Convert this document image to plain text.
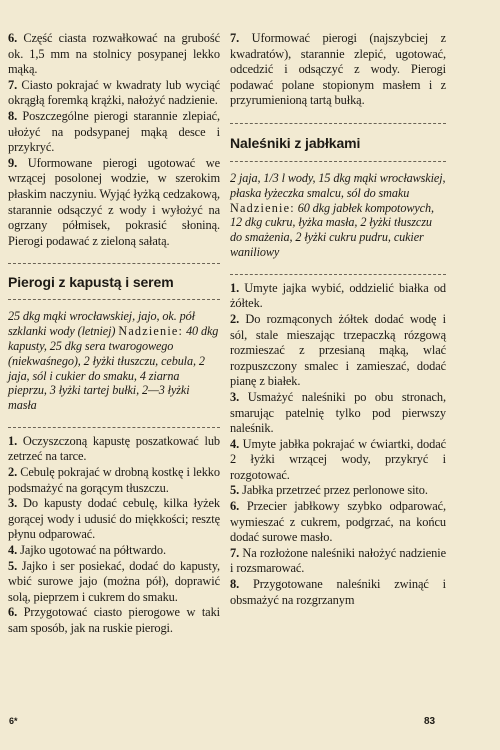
6. Część ciasta rozwałkować na grubość ok. 1,5 mm na stolnicy posypanej lekko mąką.

7. Ciasto pokrajać w kwadraty lub wyciąć okrągłą foremką krążki, nałożyć nadzienie.

8. Poszczególne pierogi starannie zlepiać, ułożyć na podsypanej mąką desce i przykryć.

9. Uformowane pierogi ugotować we wrzącej posolonej wodzie, w szerokim płaskim naczyniu. Wyjąć łyżką cedzakową, starannie odsączyć z wody i wyłożyć na ogrzany półmisek, pokrasić słoniną. Pierogi podawać z zieloną sałatą.

Pierogi z kapustą i serem

25 dkg mąki wrocławskiej, jajo, ok. pół szklanki wody (letniej) Nadzienie: 40 dkg kapusty, 25 dkg sera twarogowego (niekwaśnego), 2 łyżki tłuszczu, cebula, 2 jaja, sól i cukier do smaku, 4 ziarna pieprzu, 3 łyżki tartej bułki, 2—3 łyżki masła

1. Oczyszczoną kapustę poszatkować lub zetrzeć na tarce.

2. Cebulę pokrajać w drobną kostkę i lekko podsmażyć na gorącym tłuszczu.

3. Do kapusty dodać cebulę, kilka łyżek gorącej wody i udusić do miękkości; resztę płynu odparować.

4. Jajko ugotować na półtwardo.

5. Jajko i ser posiekać, dodać do kapusty, wbić surowe jajo (można pół), doprawić solą, pieprzem i cukrem do smaku.

6. Przygotować ciasto pierogowe w taki sam sposób, jak na ruskie pierogi.

7. Uformować pierogi (najszybciej z kwadratów), starannie zlepić, ugotować, odcedzić i odsączyć z wody. Pierogi podawać polane stopionym masłem i z przyrumienioną tartą bułką.

Naleśniki z jabłkami

2 jaja, 1/3 l wody, 15 dkg mąki wrocławskiej, płaska łyżeczka smalcu, sól do smaku Nadzienie: 60 dkg jabłek kompotowych, 12 dkg cukru, łyżka masła, 2 łyżki tłuszczu do smażenia, 2 łyżki cukru pudru, cukier waniliowy

1. Umyte jajka wybić, oddzielić białka od żółtek.

2. Do rozmąconych żółtek dodać wodę i sól, stale mieszając trzepaczką rózgową rozmieszać z przesianą mąką, wlać rozpuszczony smalec i zamieszać, dodać pianę z białek.

3. Usmażyć naleśniki po obu stronach, smarując patelnię tylko pod pierwszy naleśnik.

4. Umyte jabłka pokrajać w ćwiartki, dodać 2 łyżki wrzącej wody, przykryć i rozgotować.

5. Jabłka przetrzeć przez perlonowe sito.

6. Przecier jabłkowy szybko odparować, wymieszać z cukrem, podgrzać, na końcu dodać surowe masło.

7. Na rozłożone naleśniki nałożyć nadzienie i rozsmarować.

8. Przygotowane naleśniki zwinąć i obsmażyć na rozgrzanym

6*	83
